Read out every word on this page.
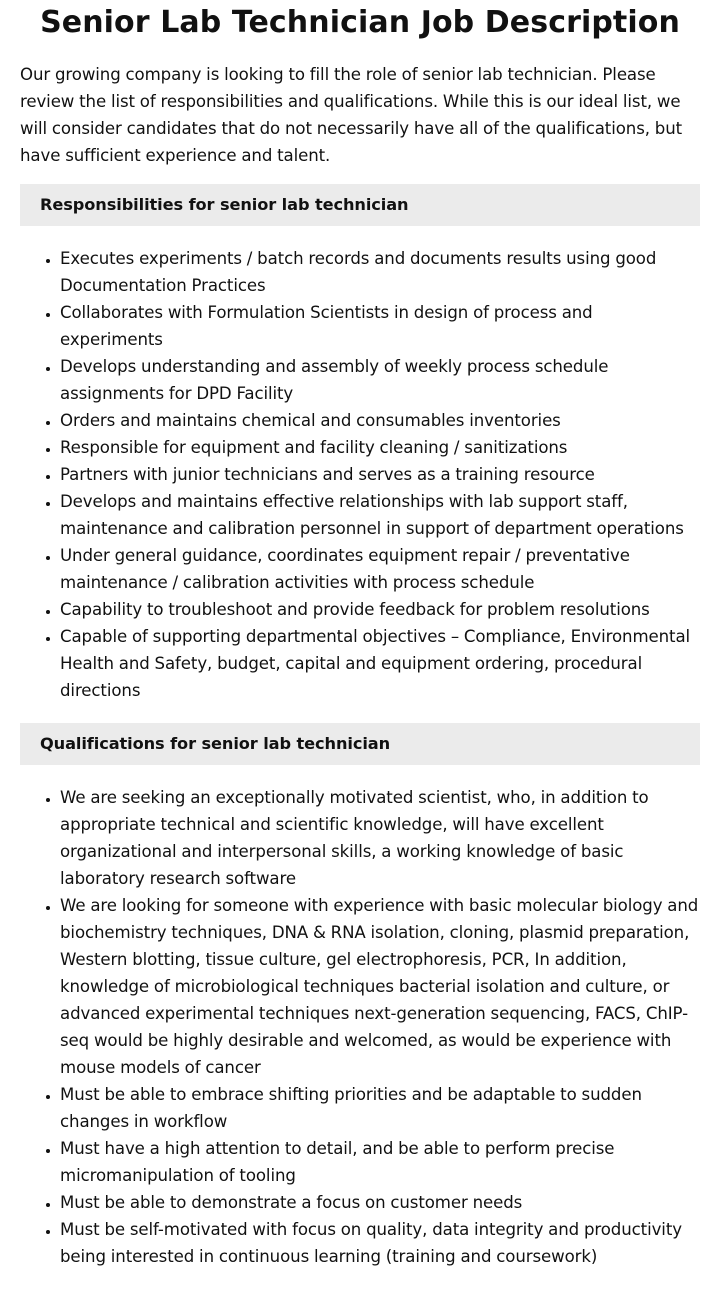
Senior Lab Technician Job Description

Our growing company is looking to fill the role of senior lab technician. Please review the list of responsibilities and qualifications. While this is our ideal list, we will consider candidates that do not necessarily have all of the qualifications, but have sufficient experience and talent.

Responsibilities for senior lab technician
• Executes experiments / batch records and documents results using good Documentation Practices
• Collaborates with Formulation Scientists in design of process and experiments
• Develops understanding and assembly of weekly process schedule assignments for DPD Facility
• Orders and maintains chemical and consumables inventories
• Responsible for equipment and facility cleaning / sanitizations
• Partners with junior technicians and serves as a training resource
• Develops and maintains effective relationships with lab support staff, maintenance and calibration personnel in support of department operations
• Under general guidance, coordinates equipment repair / preventative maintenance / calibration activities with process schedule
• Capability to troubleshoot and provide feedback for problem resolutions
• Capable of supporting departmental objectives – Compliance, Environmental Health and Safety, budget, capital and equipment ordering, procedural directions
Qualifications for senior lab technician
• We are seeking an exceptionally motivated scientist, who, in addition to appropriate technical and scientific knowledge, will have excellent organizational and interpersonal skills, a working knowledge of basic laboratory research software
• We are looking for someone with experience with basic molecular biology and biochemistry techniques, DNA & RNA isolation, cloning, plasmid preparation, Western blotting, tissue culture, gel electrophoresis, PCR, In addition, knowledge of microbiological techniques bacterial isolation and culture, or advanced experimental techniques next-generation sequencing, FACS, ChIP-seq would be highly desirable and welcomed, as would be experience with mouse models of cancer
• Must be able to embrace shifting priorities and be adaptable to sudden changes in workflow
• Must have a high attention to detail, and be able to perform precise micromanipulation of tooling
• Must be able to demonstrate a focus on customer needs
• Must be self-motivated with focus on quality, data integrity and productivity being interested in continuous learning (training and coursework)
